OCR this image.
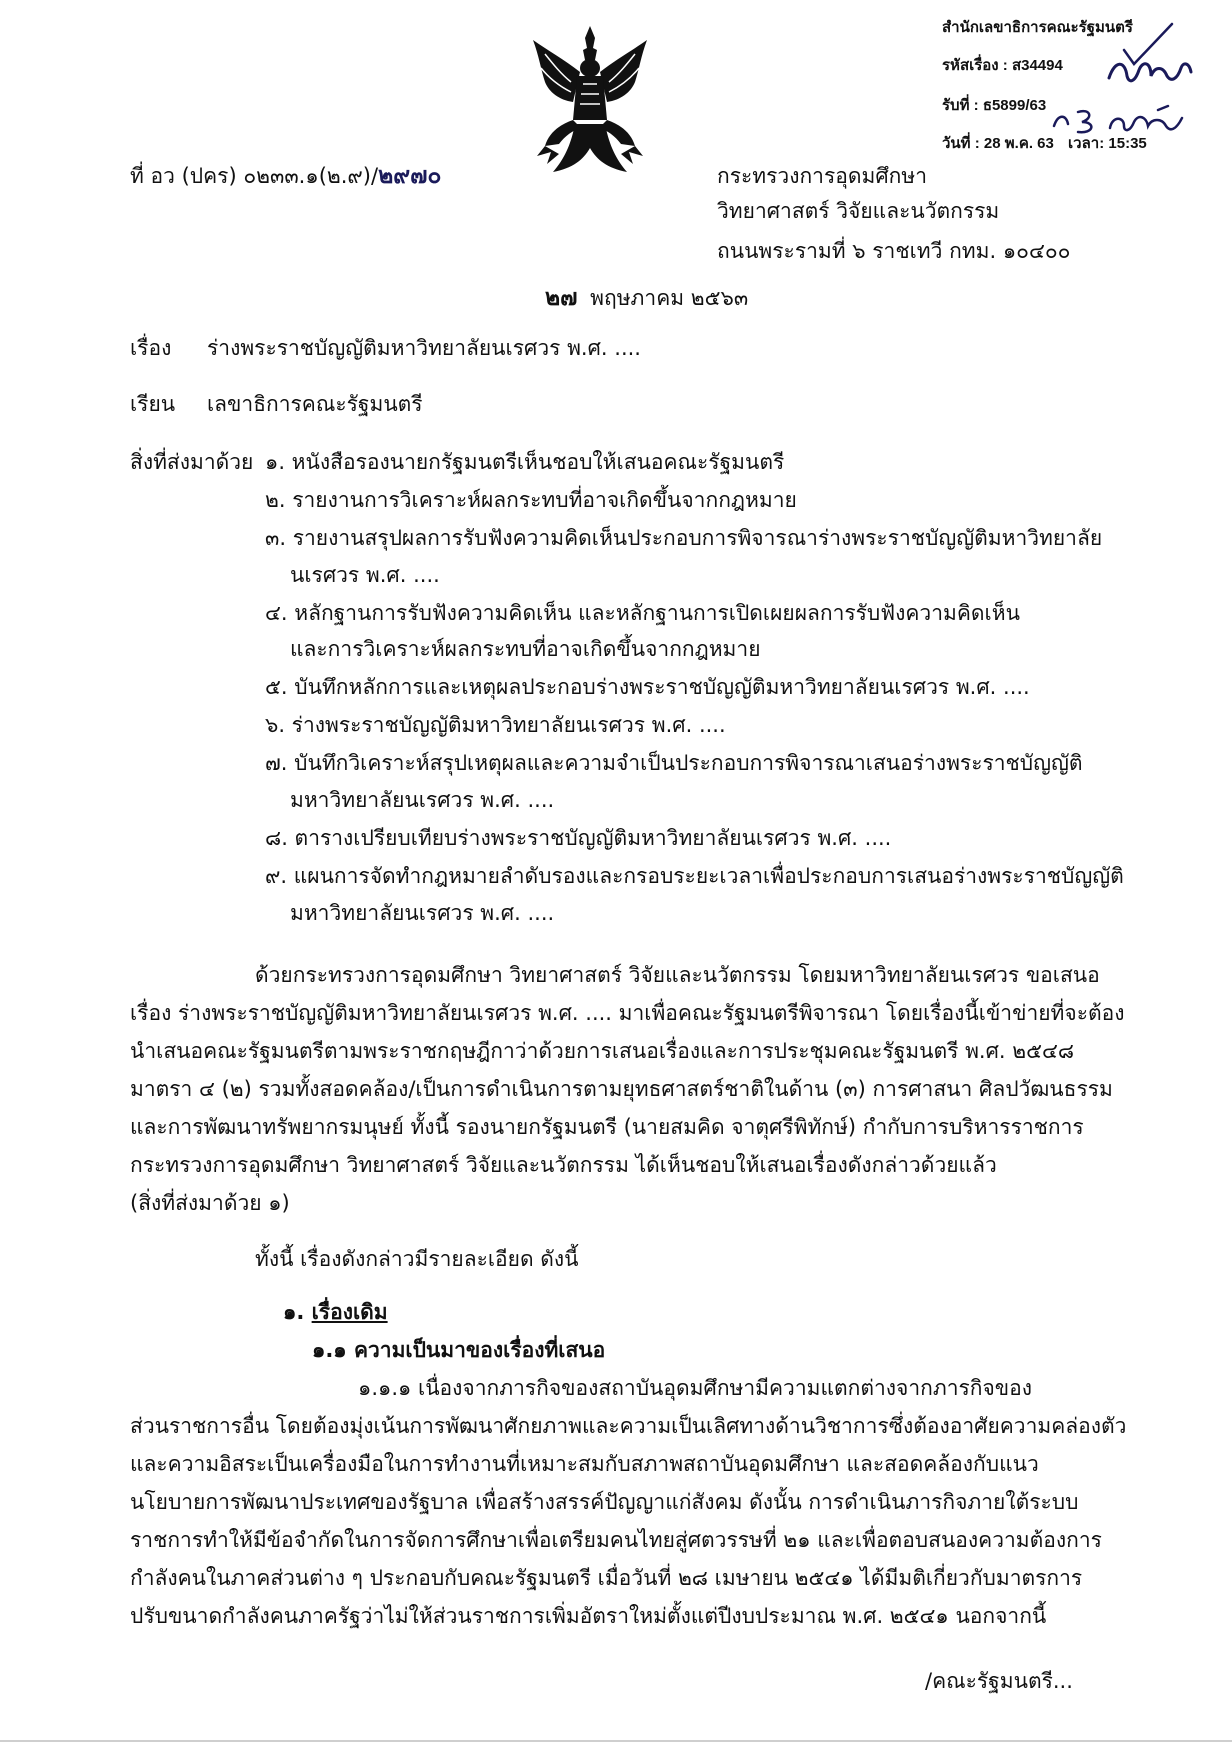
สำนักเลขาธิการคณะรัฐมนตรี
รหัสเรื่อง : ส34494
รับที่ : ธ5899/63
วันที่ : 28 พ.ค. 63 เวลา: 15:35
ที่ อว (ปคร) ๐๒๓๓.๑(๒.๙)/๒๙๗๐	กระทรวงการอุดมศึกษา
วิทยาศาสตร์ วิจัยและนวัตกรรม
ถนนพระรามที่ ๖ ราชเทวี กทม. ๑๐๔๐๐
๒๗ พฤษภาคม ๒๕๖๓
เรื่อง ร่างพระราชบัญญัติมหาวิทยาลัยนเรศวร พ.ศ. ....
เรียน เลขาธิการคณะรัฐมนตรี
สิ่งที่ส่งมาด้วย ๑. หนังสือรองนายกรัฐมนตรีเห็นชอบให้เสนอคณะรัฐมนตรี
๒. รายงานการวิเคราะห์ผลกระทบที่อาจเกิดขึ้นจากกฎหมาย
๓. รายงานสรุปผลการรับฟังความคิดเห็นประกอบการพิจารณาร่างพระราชบัญญัติมหาวิทยาลัย
นเรศวร พ.ศ. ....
๔. หลักฐานการรับฟังความคิดเห็น และหลักฐานการเปิดเผยผลการรับฟังความคิดเห็น
และการวิเคราะห์ผลกระทบที่อาจเกิดขึ้นจากกฎหมาย
๕. บันทึกหลักการและเหตุผลประกอบร่างพระราชบัญญัติมหาวิทยาลัยนเรศวร พ.ศ. ....
๖. ร่างพระราชบัญญัติมหาวิทยาลัยนเรศวร พ.ศ. ....
๗. บันทึกวิเคราะห์สรุปเหตุผลและความจำเป็นประกอบการพิจารณาเสนอร่างพระราชบัญญัติ
มหาวิทยาลัยนเรศวร พ.ศ. ....
๘. ตารางเปรียบเทียบร่างพระราชบัญญัติมหาวิทยาลัยนเรศวร พ.ศ. ....
๙. แผนการจัดทำกฎหมายลำดับรองและกรอบระยะเวลาเพื่อประกอบการเสนอร่างพระราชบัญญัติ
มหาวิทยาลัยนเรศวร พ.ศ. ....
ด้วยกระทรวงการอุดมศึกษา วิทยาศาสตร์ วิจัยและนวัตกรรม โดยมหาวิทยาลัยนเรศวร ขอเสนอ
เรื่อง ร่างพระราชบัญญัติมหาวิทยาลัยนเรศวร พ.ศ. .... มาเพื่อคณะรัฐมนตรีพิจารณา โดยเรื่องนี้เข้าข่ายที่จะต้อง
นำเสนอคณะรัฐมนตรีตามพระราชกฤษฎีกาว่าด้วยการเสนอเรื่องและการประชุมคณะรัฐมนตรี พ.ศ. ๒๕๔๘
มาตรา ๔ (๒) รวมทั้งสอดคล้อง/เป็นการดำเนินการตามยุทธศาสตร์ชาติในด้าน (๓) การศาสนา ศิลปวัฒนธรรม
และการพัฒนาทรัพยากรมนุษย์ ทั้งนี้ รองนายกรัฐมนตรี (นายสมคิด จาตุศรีพิทักษ์) กำกับการบริหารราชการ
กระทรวงการอุดมศึกษา วิทยาศาสตร์ วิจัยและนวัตกรรม ได้เห็นชอบให้เสนอเรื่องดังกล่าวด้วยแล้ว
(สิ่งที่ส่งมาด้วย ๑)
ทั้งนี้ เรื่องดังกล่าวมีรายละเอียด ดังนี้
๑. เรื่องเดิม
๑.๑ ความเป็นมาของเรื่องที่เสนอ
๑.๑.๑ เนื่องจากภารกิจของสถาบันอุดมศึกษามีความแตกต่างจากภารกิจของ
ส่วนราชการอื่น โดยต้องมุ่งเน้นการพัฒนาศักยภาพและความเป็นเลิศทางด้านวิชาการซึ่งต้องอาศัยความคล่องตัว
และความอิสระเป็นเครื่องมือในการทำงานที่เหมาะสมกับสภาพสถาบันอุดมศึกษา และสอดคล้องกับแนว
นโยบายการพัฒนาประเทศของรัฐบาล เพื่อสร้างสรรค์ปัญญาแก่สังคม ดังนั้น การดำเนินภารกิจภายใต้ระบบ
ราชการทำให้มีข้อจำกัดในการจัดการศึกษาเพื่อเตรียมคนไทยสู่ศตวรรษที่ ๒๑ และเพื่อตอบสนองความต้องการ
กำลังคนในภาคส่วนต่าง ๆ ประกอบกับคณะรัฐมนตรี เมื่อวันที่ ๒๘ เมษายน ๒๕๔๑ ได้มีมติเกี่ยวกับมาตรการ
ปรับขนาดกำลังคนภาครัฐว่าไม่ให้ส่วนราชการเพิ่มอัตราใหม่ตั้งแต่ปีงบประมาณ พ.ศ. ๒๕๔๑ นอกจากนี้
/คณะรัฐมนตรี...
